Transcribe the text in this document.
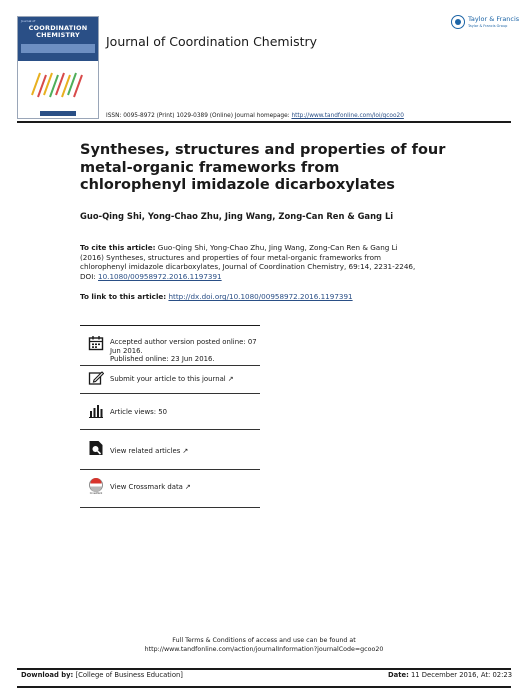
Journal of
COORDINATION
CHEMISTRY	Journal of Coordination Chemistry
Taylor & Francis
Taylor & Francis Group
ISSN: 0095-8972 (Print) 1029-0389 (Online) Journal homepage: http://www.tandfonline.com/loi/gcoo20
Syntheses, structures and properties of four metal-organic frameworks from chlorophenyl imidazole dicarboxylates
Guo-Qing Shi, Yong-Chao Zhu, Jing Wang, Zong-Can Ren & Gang Li
To cite this article: Guo-Qing Shi, Yong-Chao Zhu, Jing Wang, Zong-Can Ren & Gang Li (2016) Syntheses, structures and properties of four metal-organic frameworks from chlorophenyl imidazole dicarboxylates, Journal of Coordination Chemistry, 69:14, 2231-2246, DOI: 10.1080/00958972.2016.1197391
To link to this article: http://dx.doi.org/10.1080/00958972.2016.1197391
Accepted author version posted online: 07 Jun 2016.
Published online: 23 Jun 2016.
Submit your article to this journal ↗
Article views: 50
View related articles ↗
CrossMark
View Crossmark data ↗
Full Terms & Conditions of access and use can be found at
http://www.tandfonline.com/action/journalInformation?journalCode=gcoo20
Download by: [College of Business Education]	Date: 11 December 2016, At: 02:23
